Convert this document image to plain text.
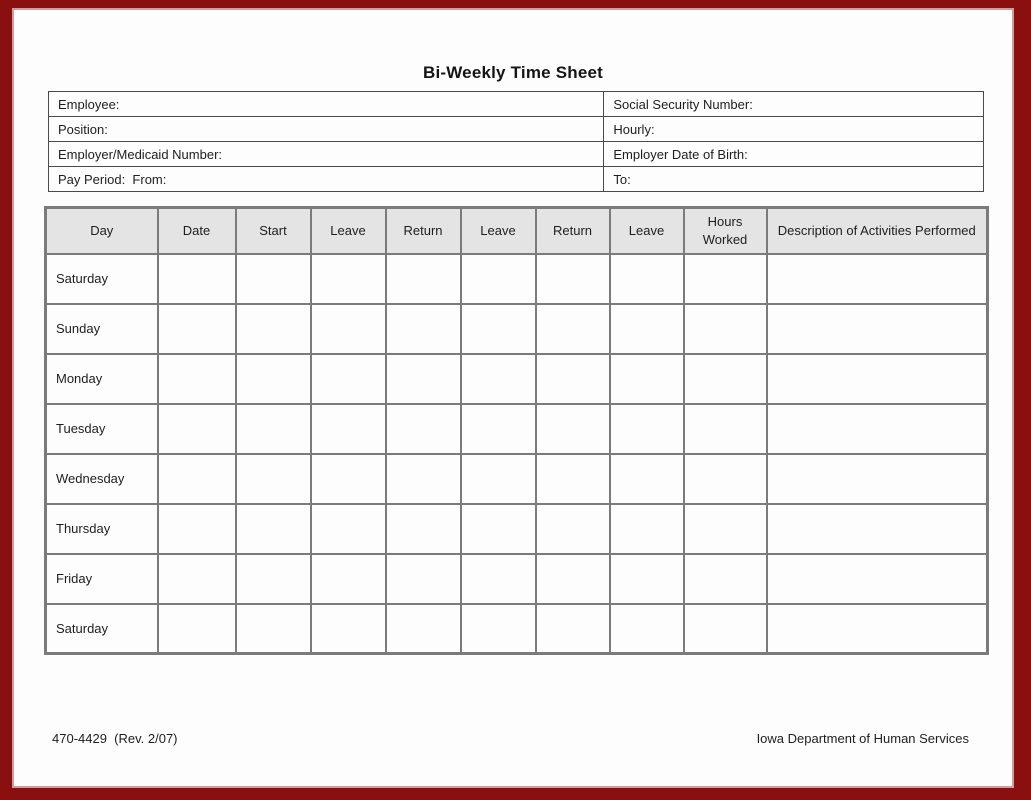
Bi-Weekly Time Sheet
Employee:	Social Security Number:
Position:	Hourly:
Employer/Medicaid Number:	Employer Date of Birth:
Pay Period:  From:	To:
Day	Date	Start	Leave	Return	Leave	Return	Leave	Hours Worked	Description of Activities Performed
Saturday									
Sunday									
Monday									
Tuesday									
Wednesday									
Thursday									
Friday									
Saturday									
470-4429  (Rev. 2/07)	Iowa Department of Human Services
